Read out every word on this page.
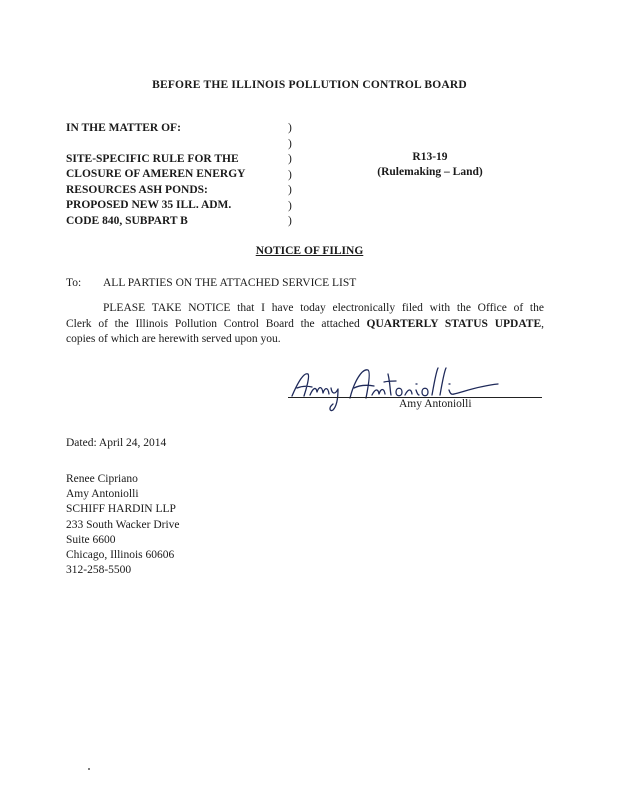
BEFORE THE ILLINOIS POLLUTION CONTROL BOARD
IN THE MATTER OF:
SITE-SPECIFIC RULE FOR THE
CLOSURE OF AMEREN ENERGY
RESOURCES ASH PONDS:
PROPOSED NEW 35 ILL. ADM.
CODE 840, SUBPART B
)
)
)
)
)
)
)
R13-19
(Rulemaking – Land)
NOTICE OF FILING
To: ALL PARTIES ON THE ATTACHED SERVICE LIST
PLEASE TAKE NOTICE that I have today electronically filed with the Office of the
Clerk of the Illinois Pollution Control Board the attached QUARTERLY STATUS UPDATE,
copies of which are herewith served upon you.
Amy Antoniolli
Dated: April 24, 2014
Renee Cipriano
Amy Antoniolli
SCHIFF HARDIN LLP
233 South Wacker Drive
Suite 6600
Chicago, Illinois 60606
312-258-5500
